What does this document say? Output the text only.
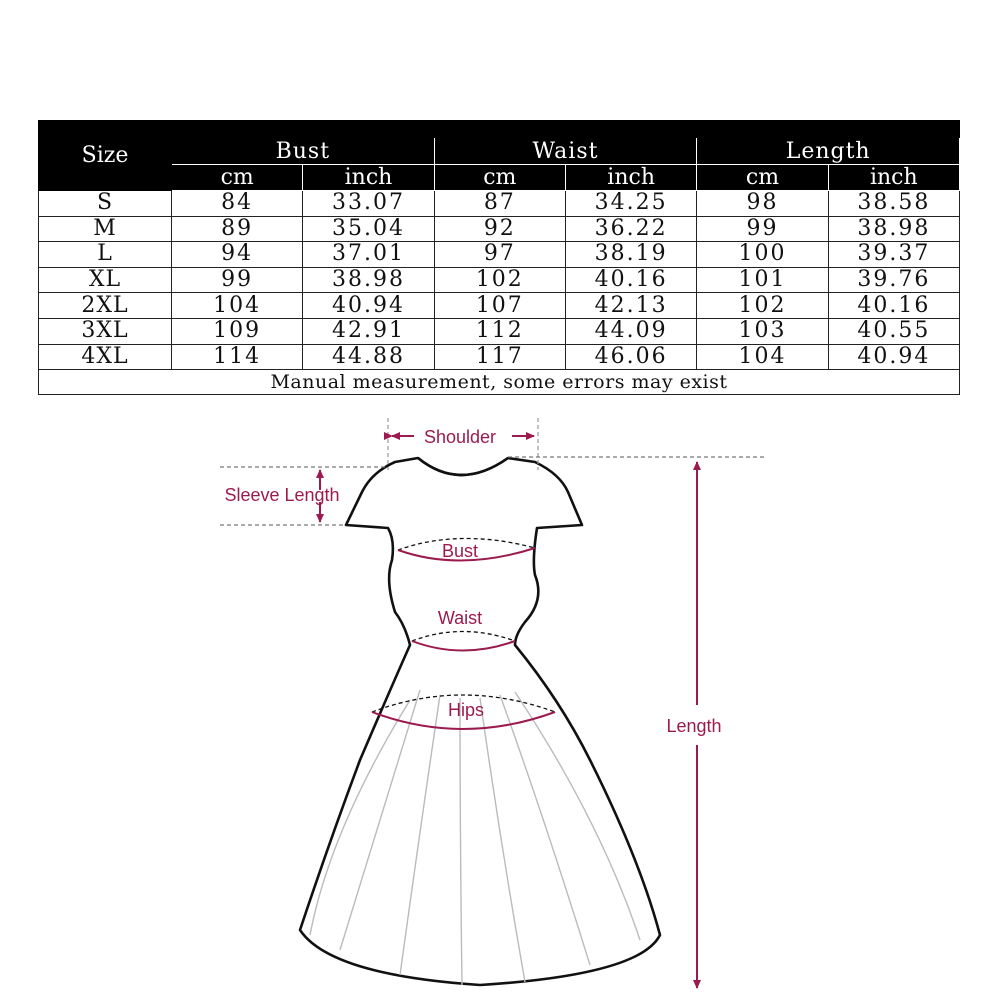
Size						
	Bust		Waist		Length	
	cm	inch	cm	inch	cm	inch
S	84	33.07	87	34.25	98	38.58
M	89	35.04	92	36.22	99	38.98
L	94	37.01	97	38.19	100	39.37
XL	99	38.98	102	40.16	101	39.76
2XL	104	40.94	107	42.13	102	40.16
3XL	109	42.91	112	44.09	103	40.55
4XL	114	44.88	117	46.06	104	40.94
Manual measurement, some errors may exist						
Shoulder
Sleeve Length
Bust
Waist
Hips
Length
